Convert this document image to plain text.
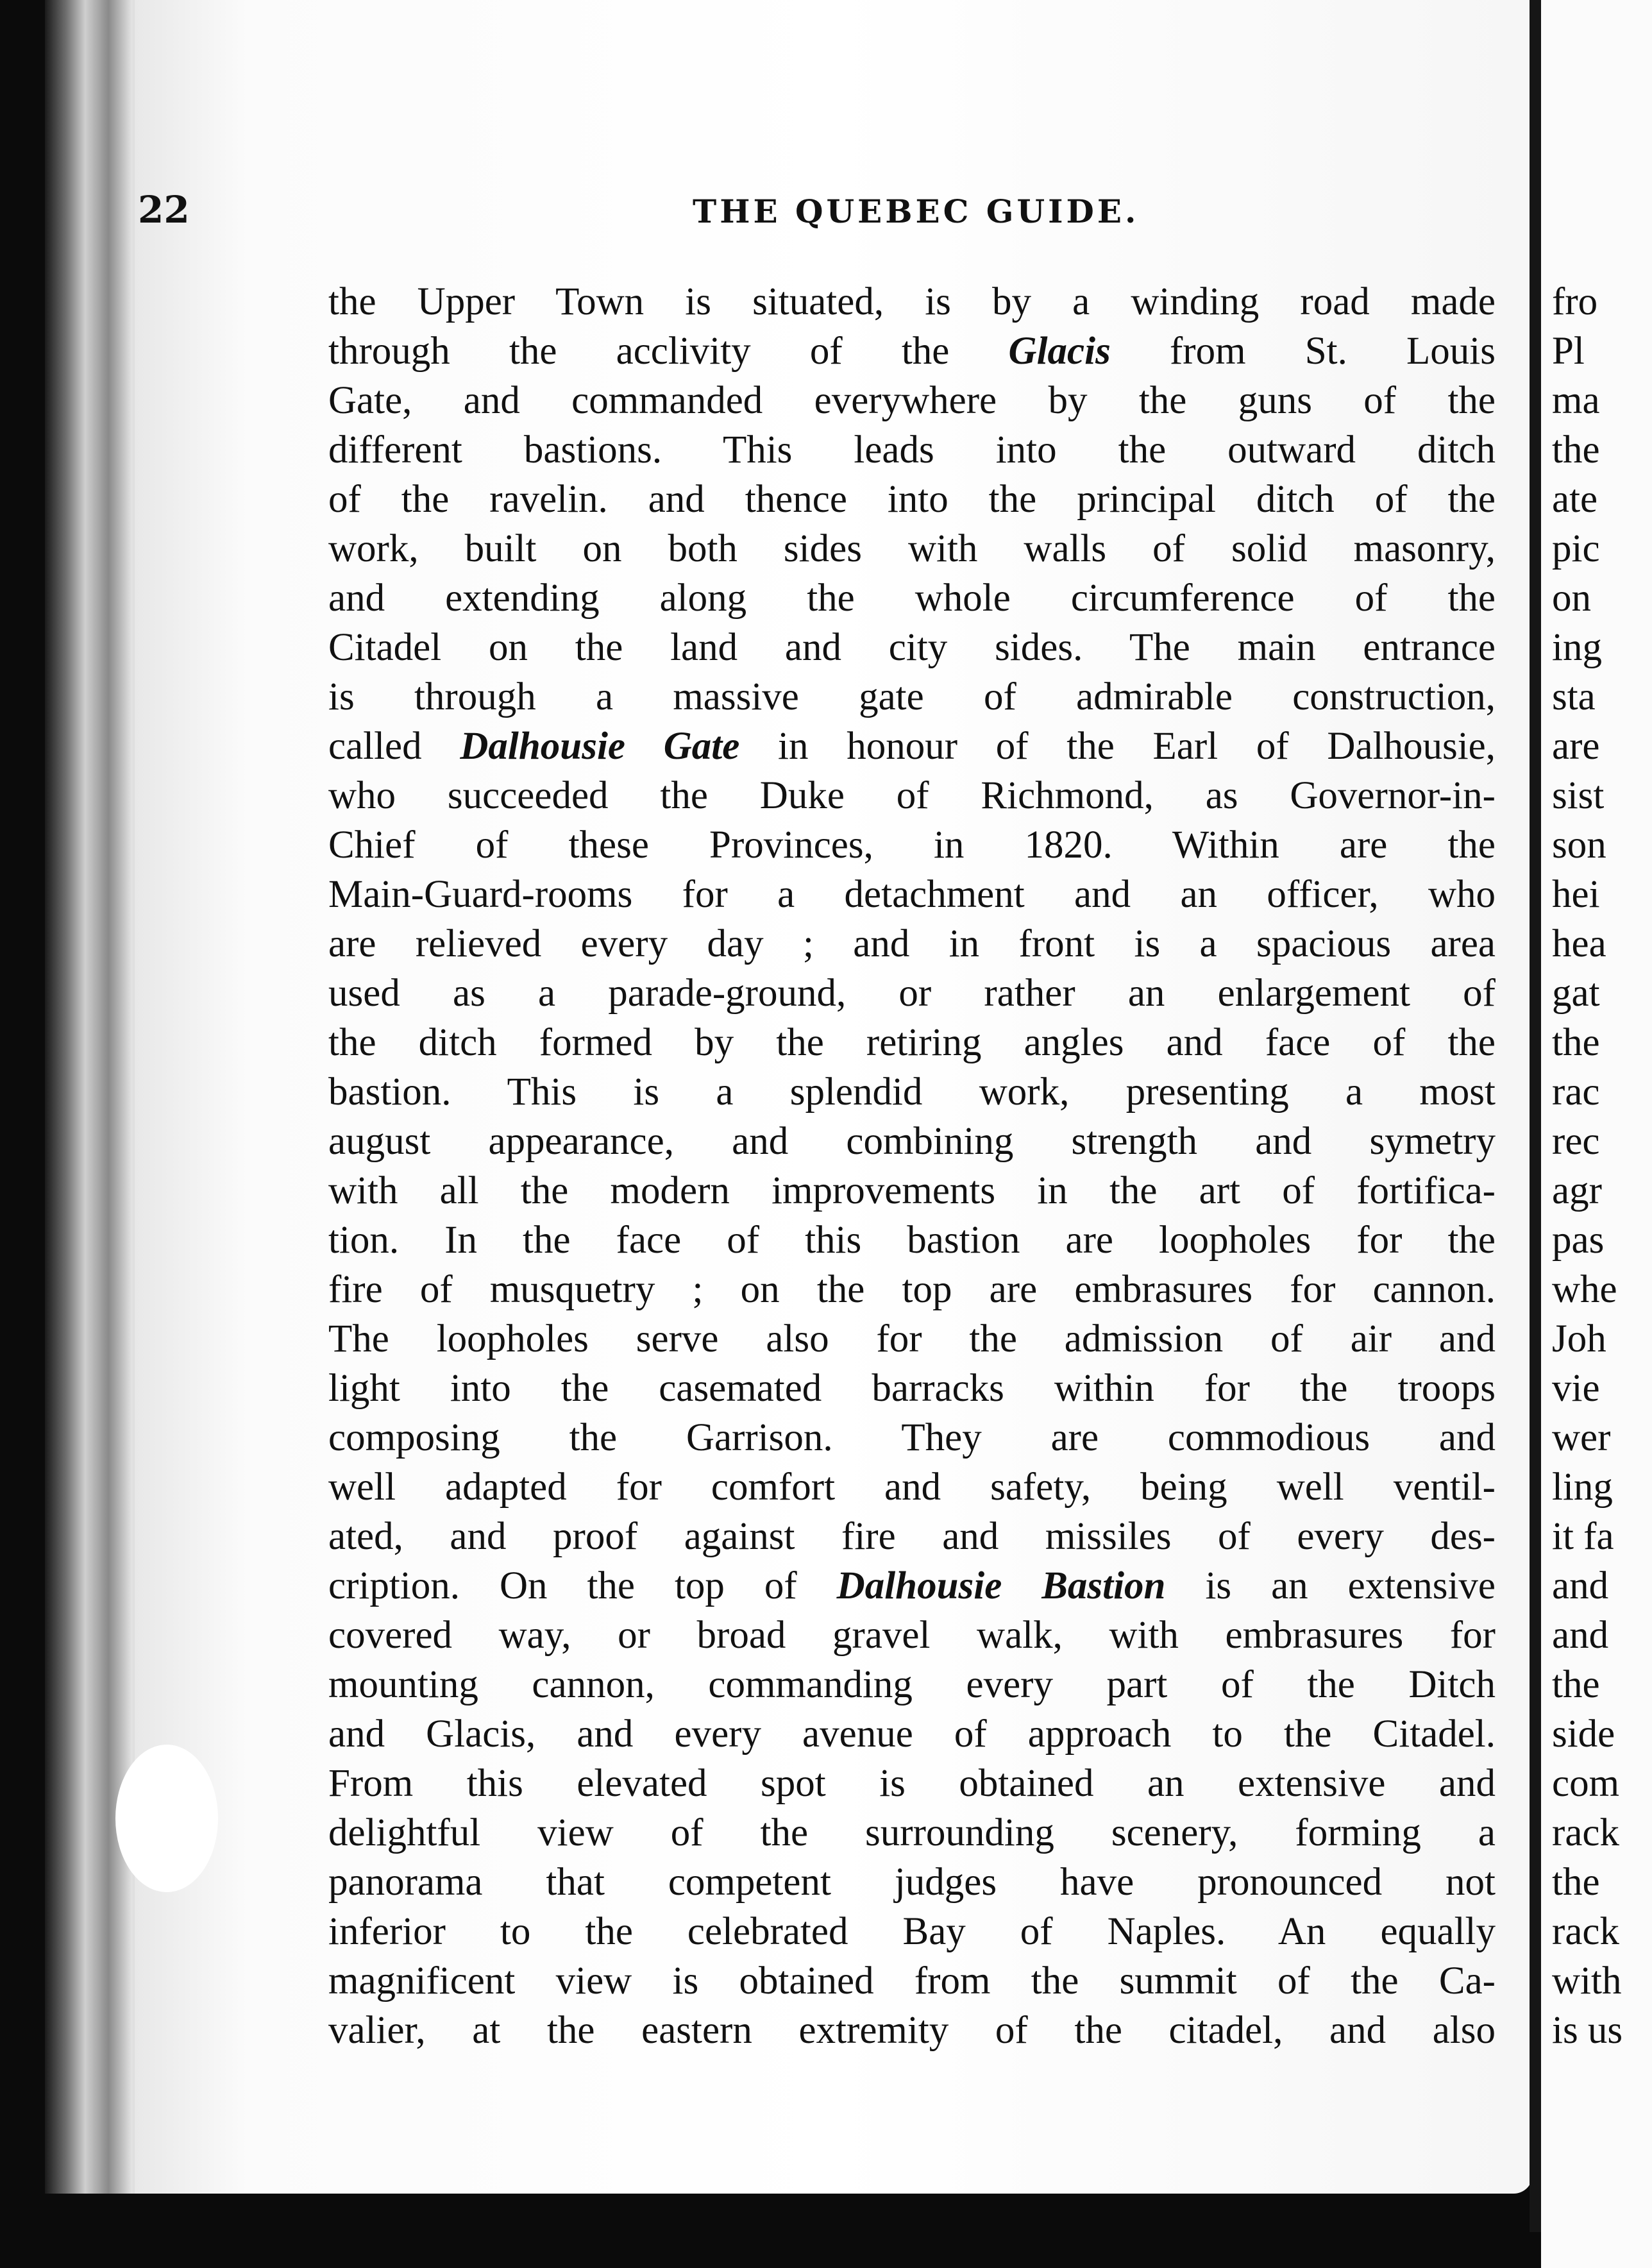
22	THE QUEBEC GUIDE.
the Upper Town is situated, is by a winding road made
through the acclivity of the Glacis from St. Louis
Gate, and commanded everywhere by the guns of the
different bastions. This leads into the outward ditch
of the ravelin. and thence into the principal ditch of the
work, built on both sides with walls of solid masonry,
and extending along the whole circumference of the
Citadel on the land and city sides. The main entrance
is through a massive gate of admirable construction,
called Dalhousie Gate in honour of the Earl of Dalhousie,
who succeeded the Duke of Richmond, as Governor-in-
Chief of these Provinces, in 1820. Within are the
Main-Guard-rooms for a detachment and an officer, who
are relieved every day ; and in front is a spacious area
used as a parade-ground, or rather an enlargement of
the ditch formed by the retiring angles and face of the
bastion. This is a splendid work, presenting a most
august appearance, and combining strength and symetry
with all the modern improvements in the art of fortifica-
tion. In the face of this bastion are loopholes for the
fire of musquetry ; on the top are embrasures for cannon.
The loopholes serve also for the admission of air and
light into the casemated barracks within for the troops
composing the Garrison. They are commodious and
well adapted for comfort and safety, being well ventil-
ated, and proof against fire and missiles of every des-
cription. On the top of Dalhousie Bastion is an extensive
covered way, or broad gravel walk, with embrasures for
mounting cannon, commanding every part of the Ditch
and Glacis, and every avenue of approach to the Citadel.
From this elevated spot is obtained an extensive and
delightful view of the surrounding scenery, forming a
panorama that competent judges have pronounced not
inferior to the celebrated Bay of Naples. An equally
magnificent view is obtained from the summit of the Ca-
valier, at the eastern extremity of the citadel, and also
fro
Pl
ma
the
ate
pic
on
ing
sta
are
sist
son
hei
hea
gat
the
rac
rec
agr
pas
whe
Joh
vie
wer
ling
it fa
and
and
the
side
com
rack
the
rack
with
is us
